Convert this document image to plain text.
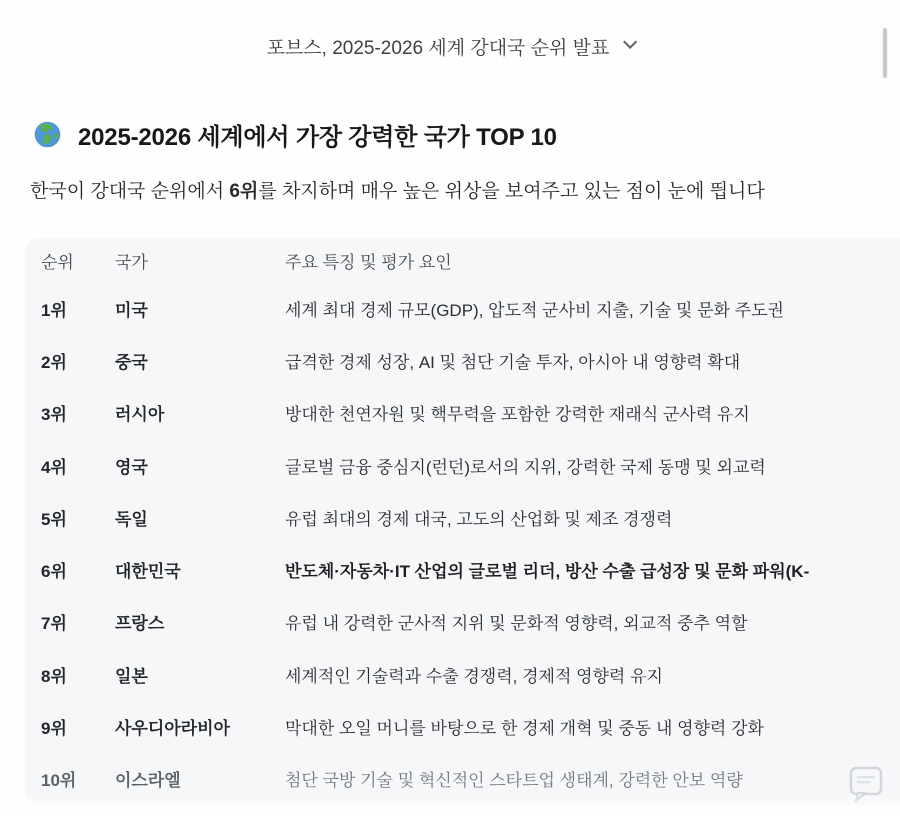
포브스, 2025-2026 세계 강대국 순위 발표
2025-2026 세계에서 가장 강력한 국가 TOP 10

한국이 강대국 순위에서 6위를 차지하며 매우 높은 위상을 보여주고 있는 점이 눈에 띕니다

순위	국가	주요 특징 및 평가 요인
1위	미국	세계 최대 경제 규모(GDP), 압도적 군사비 지출, 기술 및 문화 주도권
2위	중국	급격한 경제 성장, AI 및 첨단 기술 투자, 아시아 내 영향력 확대
3위	러시아	방대한 천연자원 및 핵무력을 포함한 강력한 재래식 군사력 유지
4위	영국	글로벌 금융 중심지(런던)로서의 지위, 강력한 국제 동맹 및 외교력
5위	독일	유럽 최대의 경제 대국, 고도의 산업화 및 제조 경쟁력
6위	대한민국	반도체·자동차·IT 산업의 글로벌 리더, 방산 수출 급성장 및 문화 파워(K-
7위	프랑스	유럽 내 강력한 군사적 지위 및 문화적 영향력, 외교적 중추 역할
8위	일본	세계적인 기술력과 수출 경쟁력, 경제적 영향력 유지
9위	사우디아라비아	막대한 오일 머니를 바탕으로 한 경제 개혁 및 중동 내 영향력 강화
10위	이스라엘	첨단 국방 기술 및 혁신적인 스타트업 생태계, 강력한 안보 역량
